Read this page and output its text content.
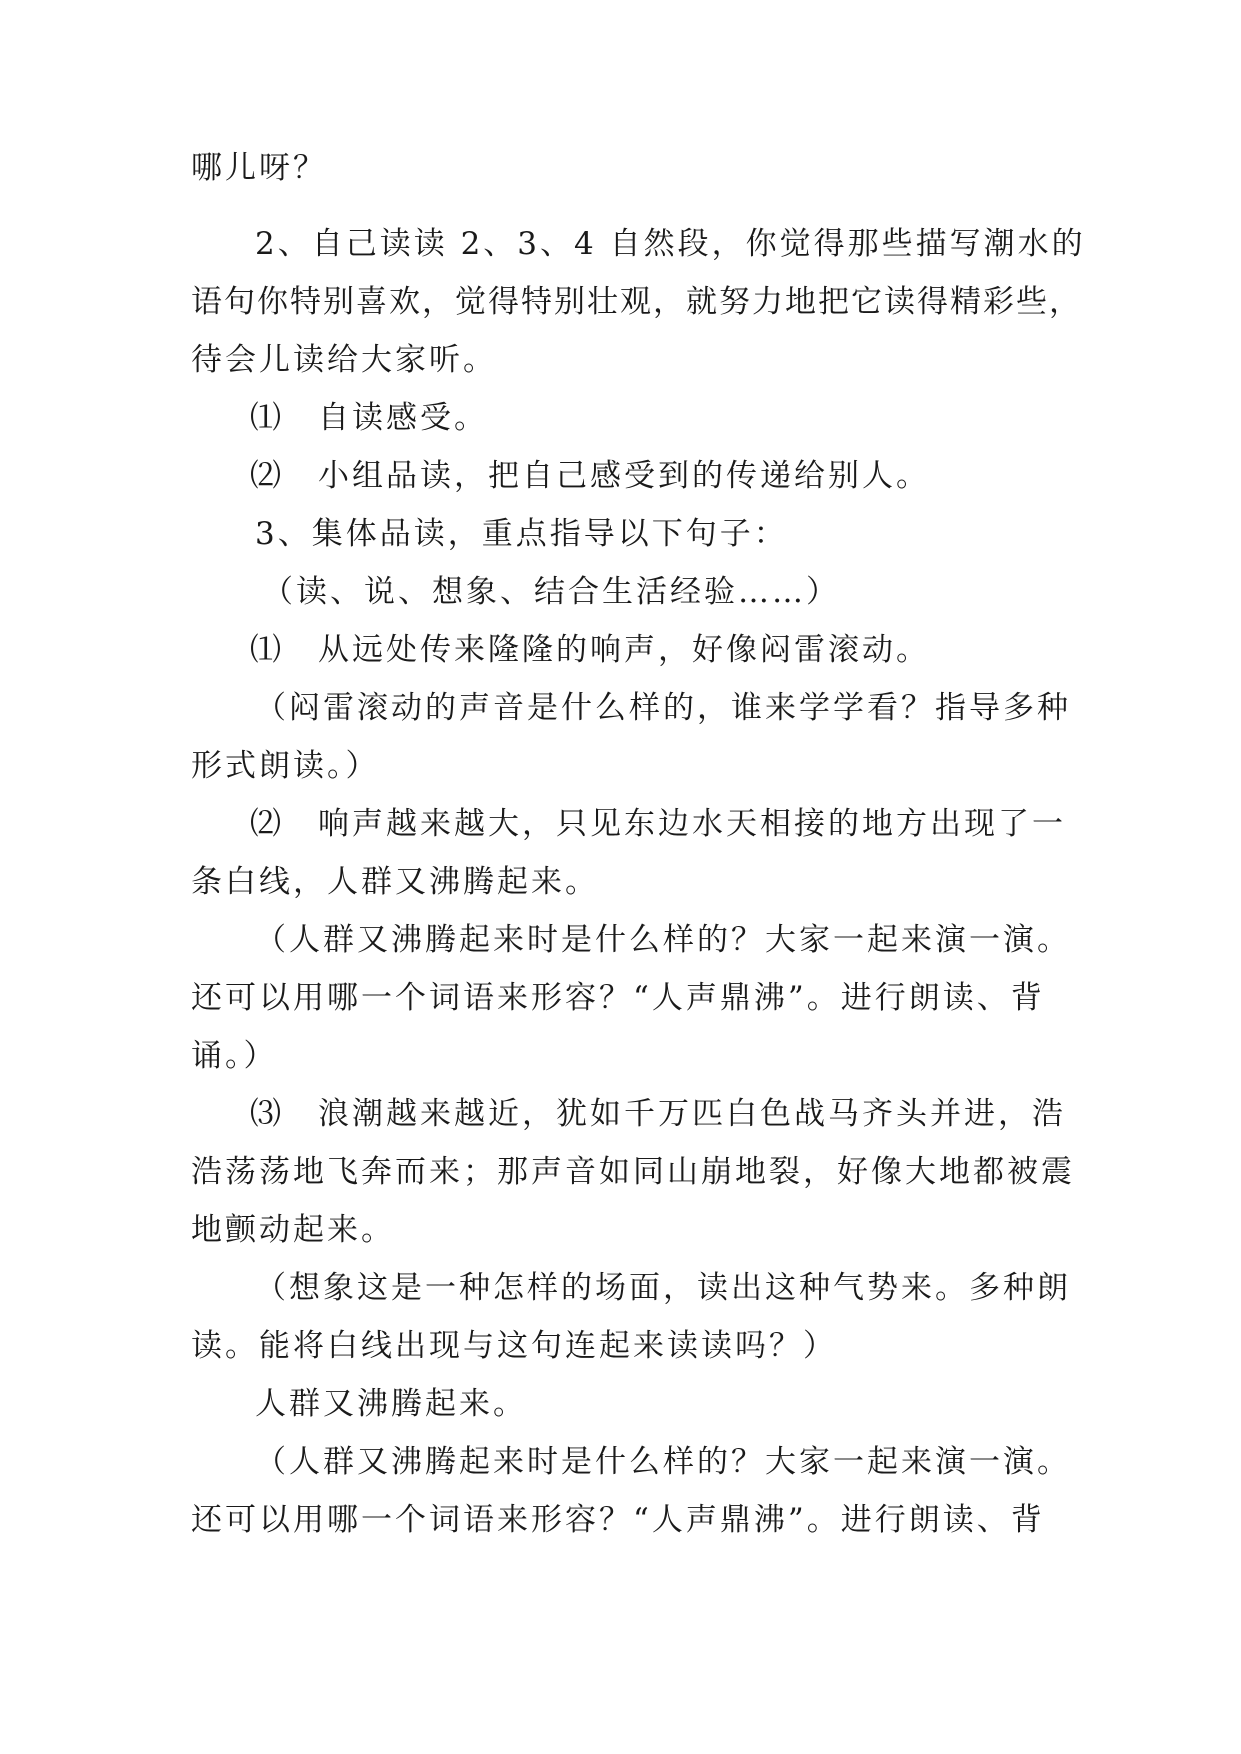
哪儿呀？

2、自己读读 2、3、4 自然段，你觉得那些描写潮水的

语句你特别喜欢，觉得特别壮观，就努力地把它读得精彩些，

待会儿读给大家听。

⑴　自读感受。

⑵　小组品读，把自己感受到的传递给别人。

3、集体品读，重点指导以下句子：

（读、说、想象、结合生活经验……）

⑴　从远处传来隆隆的响声，好像闷雷滚动。

（闷雷滚动的声音是什么样的，谁来学学看？指导多种

形式朗读。）

⑵　响声越来越大，只见东边水天相接的地方出现了一

条白线，人群又沸腾起来。

（人群又沸腾起来时是什么样的？大家一起来演一演。

还可以用哪一个词语来形容？“人声鼎沸”。进行朗读、背

诵。）

⑶　浪潮越来越近，犹如千万匹白色战马齐头并进，浩

浩荡荡地飞奔而来；那声音如同山崩地裂，好像大地都被震

地颤动起来。

（想象这是一种怎样的场面，读出这种气势来。多种朗

读。能将白线出现与这句连起来读读吗？）

人群又沸腾起来。

（人群又沸腾起来时是什么样的？大家一起来演一演。

还可以用哪一个词语来形容？“人声鼎沸”。进行朗读、背
